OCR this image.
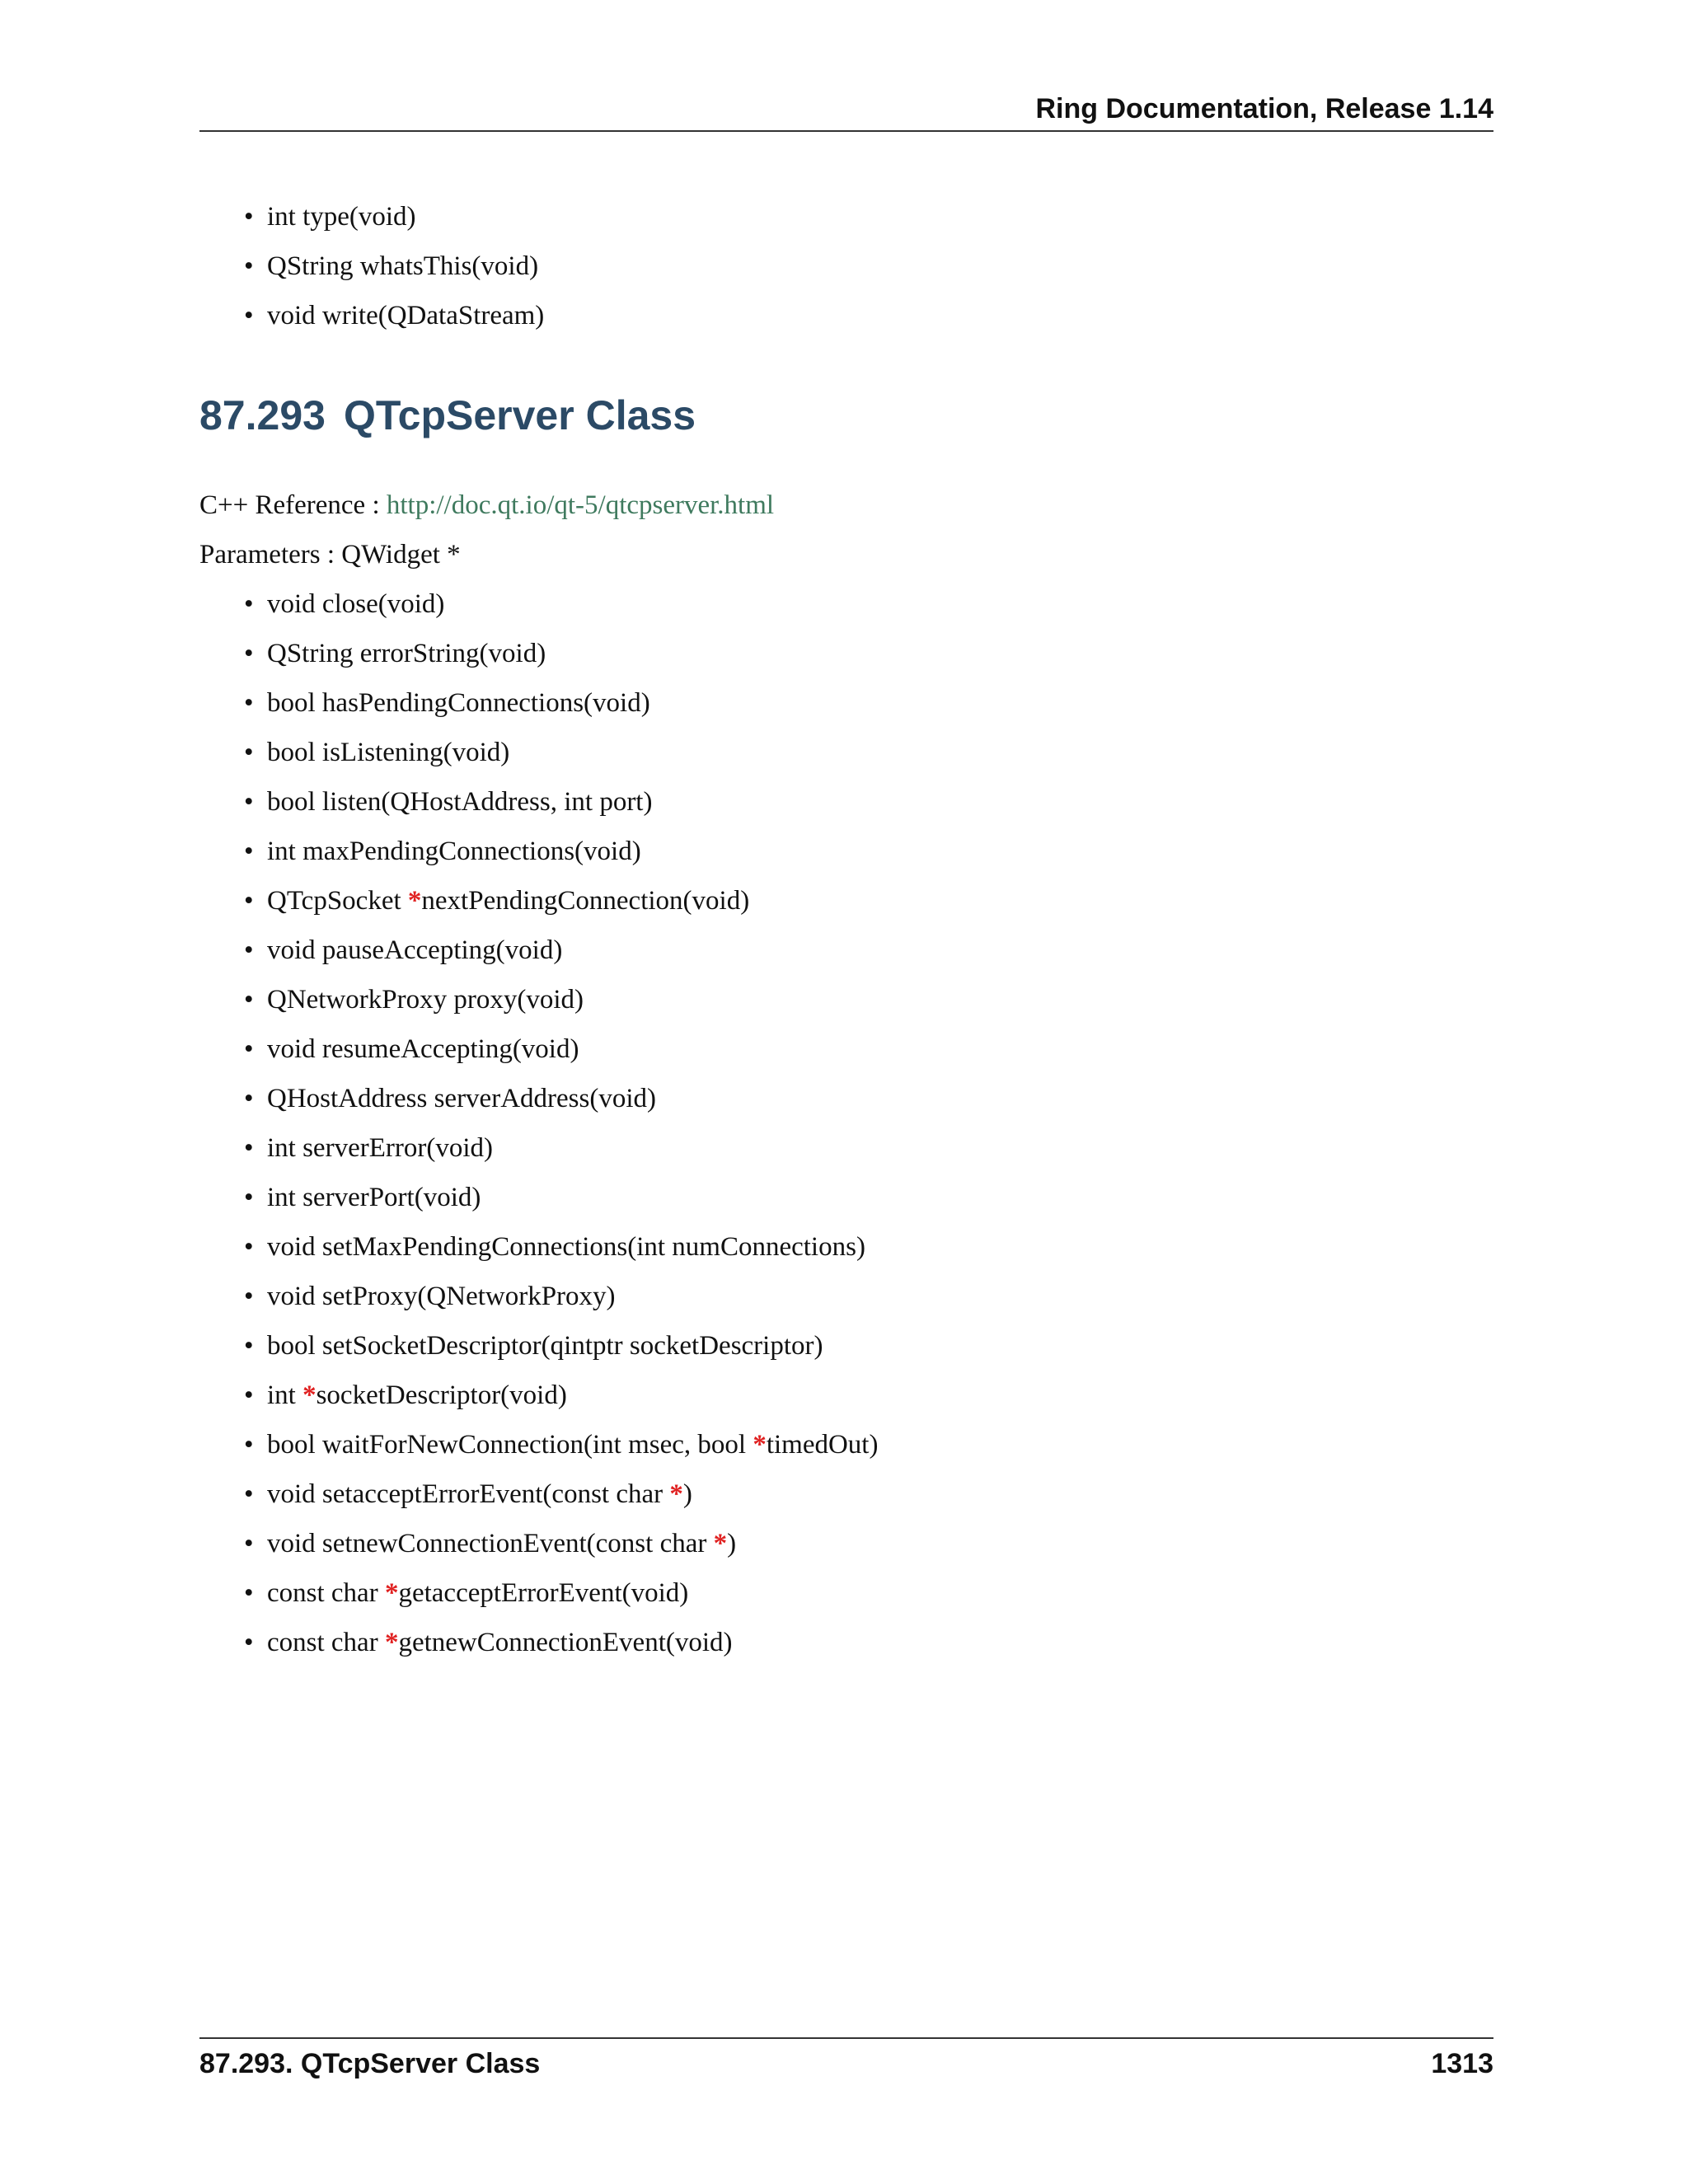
Ring Documentation, Release 1.14
• int type(void)
• QString whatsThis(void)
• void write(QDataStream)
87.293 QTcpServer Class

C++ Reference : http://doc.qt.io/qt-5/qtcpserver.html

Parameters : QWidget *

• void close(void)
• QString errorString(void)
• bool hasPendingConnections(void)
• bool isListening(void)
• bool listen(QHostAddress, int port)
• int maxPendingConnections(void)
• QTcpSocket *nextPendingConnection(void)
• void pauseAccepting(void)
• QNetworkProxy proxy(void)
• void resumeAccepting(void)
• QHostAddress serverAddress(void)
• int serverError(void)
• int serverPort(void)
• void setMaxPendingConnections(int numConnections)
• void setProxy(QNetworkProxy)
• bool setSocketDescriptor(qintptr socketDescriptor)
• int *socketDescriptor(void)
• bool waitForNewConnection(int msec, bool *timedOut)
• void setacceptErrorEvent(const char *)
• void setnewConnectionEvent(const char *)
• const char *getacceptErrorEvent(void)
• const char *getnewConnectionEvent(void)
87.293. QTcpServer Class	1313
